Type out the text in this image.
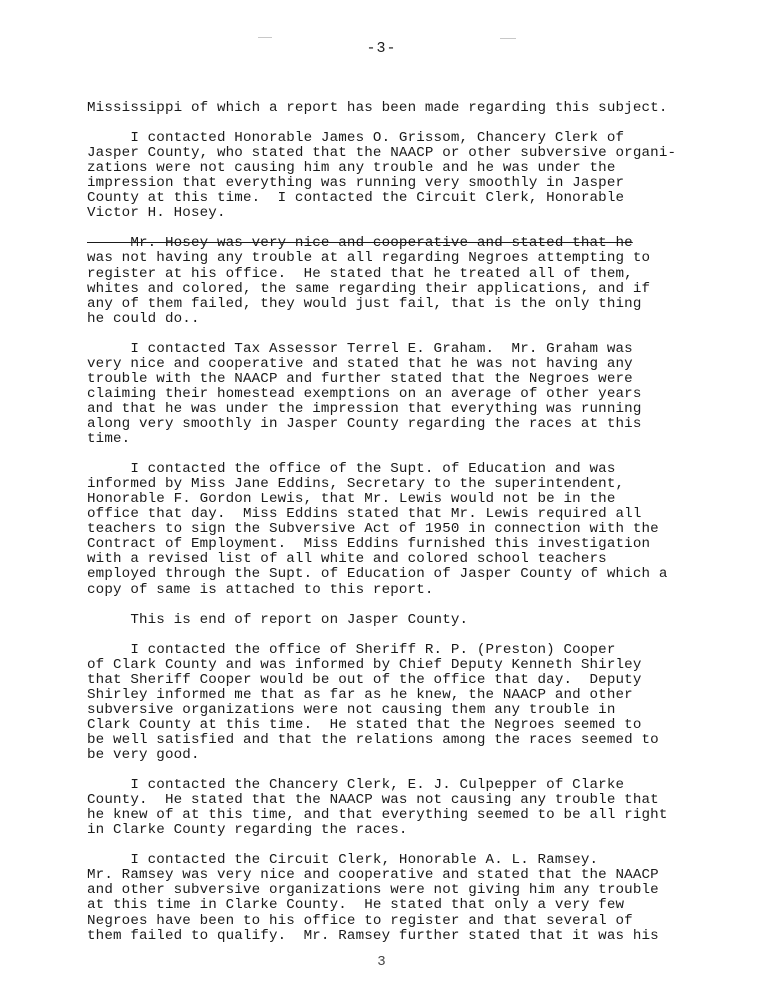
-3-
Mississippi of which a report has been made regarding this subject.
I contacted Honorable James O. Grissom, Chancery Clerk of
Jasper County, who stated that the NAACP or other subversive organi-
zations were not causing him any trouble and he was under the
impression that everything was running very smoothly in Jasper
County at this time.  I contacted the Circuit Clerk, Honorable
Victor H. Hosey.
Mr. Hosey was very nice and cooperative and stated that he
was not having any trouble at all regarding Negroes attempting to
register at his office.  He stated that he treated all of them,
whites and colored, the same regarding their applications, and if
any of them failed, they would just fail, that is the only thing
he could do..
I contacted Tax Assessor Terrel E. Graham.  Mr. Graham was
very nice and cooperative and stated that he was not having any
trouble with the NAACP and further stated that the Negroes were
claiming their homestead exemptions on an average of other years
and that he was under the impression that everything was running
along very smoothly in Jasper County regarding the races at this
time.
I contacted the office of the Supt. of Education and was
informed by Miss Jane Eddins, Secretary to the superintendent,
Honorable F. Gordon Lewis, that Mr. Lewis would not be in the
office that day.  Miss Eddins stated that Mr. Lewis required all
teachers to sign the Subversive Act of 1950 in connection with the
Contract of Employment.  Miss Eddins furnished this investigation
with a revised list of all white and colored school teachers
employed through the Supt. of Education of Jasper County of which a
copy of same is attached to this report.
This is end of report on Jasper County.
I contacted the office of Sheriff R. P. (Preston) Cooper
of Clark County and was informed by Chief Deputy Kenneth Shirley
that Sheriff Cooper would be out of the office that day.  Deputy
Shirley informed me that as far as he knew, the NAACP and other
subversive organizations were not causing them any trouble in
Clark County at this time.  He stated that the Negroes seemed to
be well satisfied and that the relations among the races seemed to
be very good.
I contacted the Chancery Clerk, E. J. Culpepper of Clarke
County.  He stated that the NAACP was not causing any trouble that
he knew of at this time, and that everything seemed to be all right
in Clarke County regarding the races.
I contacted the Circuit Clerk, Honorable A. L. Ramsey.
Mr. Ramsey was very nice and cooperative and stated that the NAACP
and other subversive organizations were not giving him any trouble
at this time in Clarke County.  He stated that only a very few
Negroes have been to his office to register and that several of
them failed to qualify.  Mr. Ramsey further stated that it was his
3
